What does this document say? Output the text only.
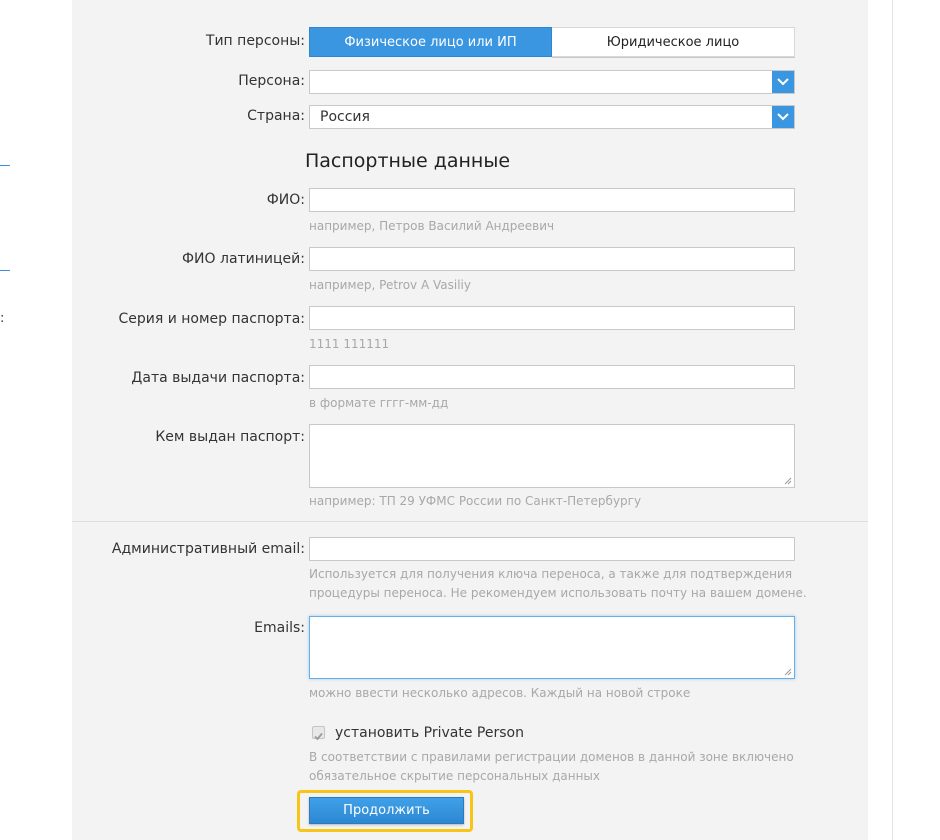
:
Тип персоны:	Физическое лицо или ИП	Юридическое лицо
Персона:
Страна: Россия
Паспортные данные
ФИО:
например, Петров Василий Андреевич
ФИО латиницей:
например, Petrov A Vasiliy
Серия и номер паспорта:
1111 111111
Дата выдачи паспорта:
в формате гггг-мм-дд
Кем выдан паспорт:
например: ТП 29 УФМС России по Санкт-Петербургу
Административный email:
Используется для получения ключа переноса, а также для подтверждения
процедуры переноса. Не рекомендуем использовать почту на вашем домене.
Emails:
можно ввести несколько адресов. Каждый на новой строке
установить Private Person
В соответствии с правилами регистрации доменов в данной зоне включено
обязательное скрытие персональных данных
Продолжить
